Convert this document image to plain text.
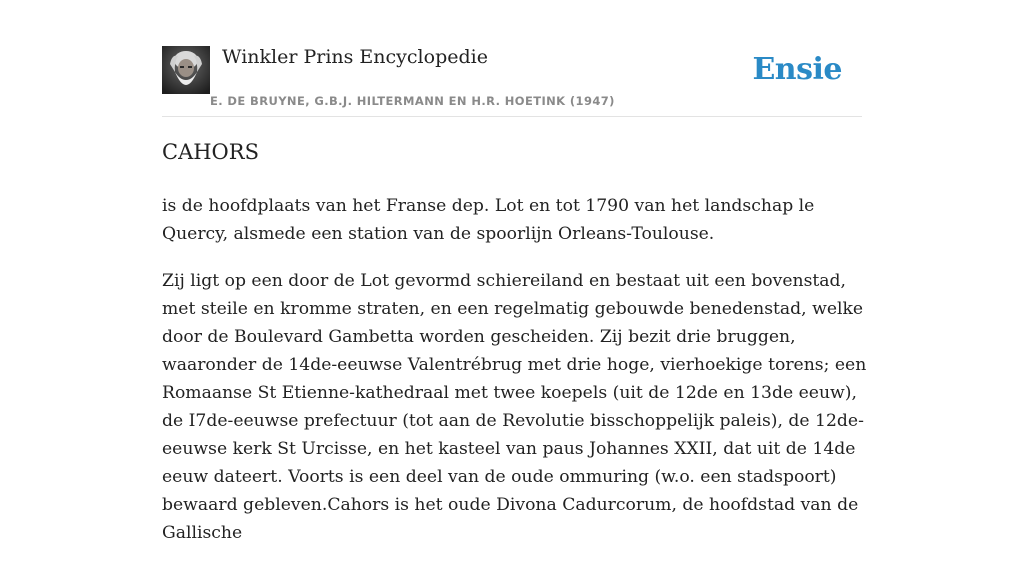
Winkler Prins Encyclopedie
E. DE BRUYNE, G.B.J. HILTERMANN EN H.R. HOETINK (1947)
Ensie
CAHORS

is de hoofdplaats van het Franse dep. Lot en tot 1790 van het landschap le Quercy, alsmede een station van de spoorlijn Orleans-Toulouse.

Zij ligt op een door de Lot gevormd schiereiland en bestaat uit een bovenstad, met steile en kromme straten, en een regelmatig gebouwde benedenstad, welke door de Boulevard Gambetta worden gescheiden. Zij bezit drie bruggen, waaronder de 14de-eeuwse Valentrébrug met drie hoge, vierhoekige torens; een Romaanse St Etienne-kathedraal met twee koepels (uit de 12de en 13de eeuw), de I7de-eeuwse prefectuur (tot aan de Revolutie bisschoppelijk paleis), de 12de-eeuwse kerk St Urcisse, en het kasteel van paus Johannes XXII, dat uit de 14de eeuw dateert. Voorts is een deel van de oude ommuring (w.o. een stadspoort) bewaard gebleven.Cahors is het oude Divona Cadurcorum, de hoofdstad van de Gallische
